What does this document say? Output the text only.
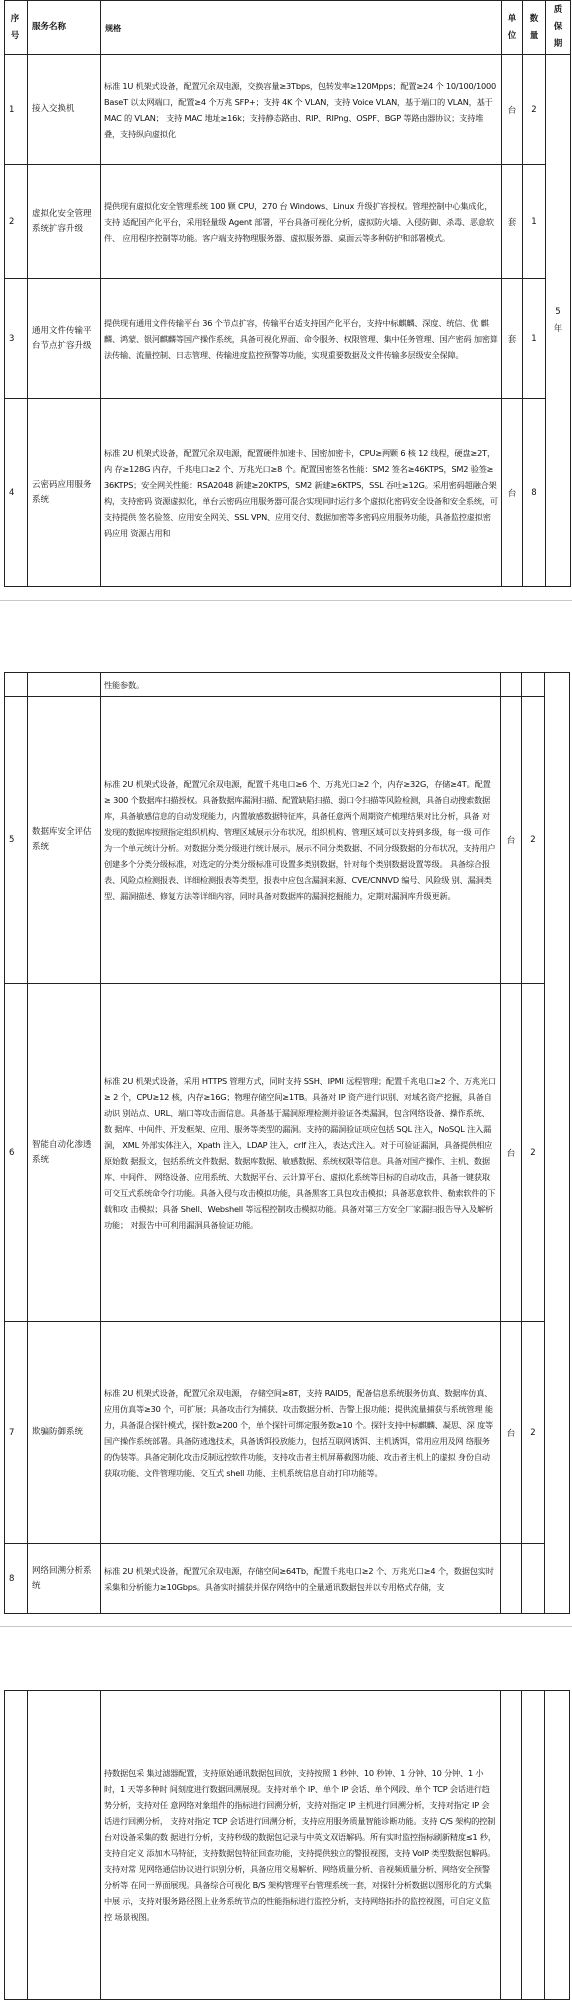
序号	服务名称	规格	单位	数量	质保期
1	接入交换机	标准 1U 机架式设备，配置冗余双电源，交换容量≥3Tbps，包转发率≥120Mpps；配置≥24 个 10/100/1000BaseT 以太网端口，配置≥4 个万兆 SFP+；支持 4K 个 VLAN，支持 Voice VLAN，基于端口的 VLAN，基于 MAC 的 VLAN； 支持 MAC 地址≥16k；支持静态路由、RIP、RIPng、OSPF、BGP 等路由器协议；支持堆叠，支持纵向虚拟化	台	2	5年
2	虚拟化安全管理系统扩容升级	提供现有虚拟化安全管理系统 100 颗 CPU，270 台 Windows、Linux 升级扩容授权。管理控制中心集成化，支持 适配国产化平台，采用轻量级 Agent 部署，平台具备可视化分析，虚拟防火墙、入侵防御、杀毒、恶意软件、 应用程序控制等功能。客户端支持物理服务器、虚拟服务器、桌面云等多种防护和部署模式。	套	1	
3	通用文件传输平台节点扩容升级	提供现有通用文件传输平台 36 个节点扩容，传输平台适支持国产化平台，支持中标麒麟、深度、统信、优 麒麟、鸿蒙、银河麒麟等国产操作系统，具备可视化界面、命令服务、权限管理、集中任务管理、国产密码 加密算法传输、流量控制、日志管理、传输进度监控预警等功能，实现重要数据及文件传输多层级安全保障。	套	1	
4	云密码应用服务系统	标准 2U 机架式设备，配置冗余双电源，配置硬件加速卡、国密加密卡，CPU≥两颗 6 核 12 线程，硬盘≥2T，内 存≥128G 内存，千兆电口≥2 个、万兆光口≥8 个。配置国密签名性能：SM2 签名≥46KTPS，SM2 验签≥36KTPS；安全网关性能：RSA2048 新建≥20KTPS，SM2 新建≥6KTPS，SSL 吞吐≥12G。采用密码超融合架构，支持密码 资源虚拟化，单台云密码应用服务器可混合实现同时运行多个虚拟化密码安全设备和安全系统，可支持提供 签名验签、应用安全网关、SSL VPN、应用交付、数据加密等多密码应用服务功能，具备监控虚拟密码应用 资源占用和	台	8	
		性能参数。			
5	数据库安全评估系统	标准 2U 机架式设备，配置冗余双电源，配置千兆电口≥6 个、万兆光口≥2 个，内存≥32G，存储≥4T。配置≥ 300 个数据库扫描授权。具备数据库漏洞扫描、配置缺陷扫描、弱口令扫描等风险检测，具备自动搜索数据 库，具备敏感信息的自动发现能力，内置敏感数据特征库，具备任意两个周期资产梳理结果对比分析，具备 对发现的数据库按照指定组织机构、管理区域展示分布状况，组织机构、管理区域可以支持到多级，每一级 可作为一个单元统计分析。对数据分类分级进行统计展示，展示不同分类数据、不同分级数据的分布状况，支持用户创建多个分类分级标准，对选定的分类分级标准可设置多类别数据，针对每个类别数据设置等级。 具备综合报表、风险点检测报表、详细检测报表等类型，报表中应包含漏洞来源、CVE/CNNVD 编号、风险级 别、漏洞类型、漏洞描述、修复方法等详细内容，同时具备对数据库的漏洞挖掘能力，定期对漏洞库升级更新。	台	2	
6	智能自动化渗透系统	标准 2U 机架式设备，采用 HTTPS 管理方式，同时支持 SSH、IPMI 远程管理；配置千兆电口≥2 个、万兆光口≥ 2 个，CPU≥12 核，内存≥16G；物理存储空间≥1TB。具备对 IP 资产进行识别、对域名资产挖掘，具备自动识 别站点、URL、端口等攻击面信息。具备基于漏洞原理检测并验证各类漏洞，包含网络设备、操作系统、数 据库、中间件、开发框架、应用、服务等类型的漏洞。支持的漏洞验证项应包括 SQL 注入，NoSQL 注入漏洞， XML 外部实体注入，Xpath 注入，LDAP 注入，crlf 注入，表达式注入。对于可验证漏洞，具备提供相应原始数 据报文，包括系统文件数据、数据库数据、敏感数据、系统权限等信息。具备对国产操作、主机、数据库、中间件、 网络设备、应用系统、大数据平台、云计算平台、虚拟化系统等目标的自动攻击，具备一键获取可交互式系统命令行功能。具备入侵与攻击模拟功能，具备黑客工具包攻击模拟；具备恶意软件、勒索软件的下载和攻 击模拟；具备 Shell、Webshell 等远程控制攻击模拟功能。具备对第三方安全厂家漏扫报告导入及解析功能； 对报告中可利用漏洞具备验证功能。	台	2	
7	欺骗防御系统	标准 2U 机架式设备，配置冗余双电源， 存储空间≥8T，支持 RAID5，配备信息系统服务仿真、数据库仿真、 应用仿真等≥30 个，可扩展；具备攻击行为捕获、攻击数据分析、告警上报功能；提供流量捕获与系统管理 能力，具备混合探针模式，探针数≥200 个，单个探针可绑定服务数≥10 个。探针支持中标麒麟、凝思、深 度等国产操作系统部署。具备防逃逸技术，具备诱饵投放能力，包括互联网诱饵、主机诱饵，常用应用及网 络服务的伪装等。具备定制化攻击反制远控软件功能，支持攻击者主机屏幕截图功能、攻击者主机上的虚拟 身份自动获取功能、文件管理功能、交互式 shell 功能、主机系统信息自动打印功能等。	台	2	
8	网络回溯分析系统	标准 2U 机架式设备，配置冗余双电源，存储空间≥64Tb，配置千兆电口≥2 个、万兆光口≥4 个，数据包实时 采集和分析能力≥10Gbps。具备实时捕获并保存网络中的全量通讯数据包并以专用格式存储，支			
		持数据包采 集过滤器配置，支持原始通讯数据包回放，支持按照 1 秒钟、10 秒钟、1 分钟、10 分钟、1 小时，1 天等多种时 间刻度进行数据回溯展现。支持对单个 IP、单个 IP 会话、单个网段、单个 TCP 会话进行趋势分析，支持对任 意网络对象组件的指标进行回溯分析，支持对指定 IP 主机进行回溯分析，支持对指定 IP 会话进行回溯分析， 支持对指定 TCP 会话进行回溯分析，支持应用服务质量智能诊断功能。支持 C/S 架构的控制台对设备采集的数 据进行分析，支持秒级的数据包记录与中英文双语解码。所有实时监控指标刷新精度≤1 秒，支持自定义 添加木马特征，支持数据包特征回查功能，支持提供独立的警报视图，支持 VoIP 类型数据包解码。支持对常 见网络通信协议进行识别分析，具备应用交易解析、网络质量分析、音视频质量分析、网络安全预警分析等 在同一界面展现。具备综合可视化 B/S 架构管理平台管理系统一套，对探针分析数据以图形化的方式集中展 示，支持对服务路径图上业务系统节点的性能指标进行监控分析，支持网络拓扑的监控视图，可自定义监控 场景视图。			
